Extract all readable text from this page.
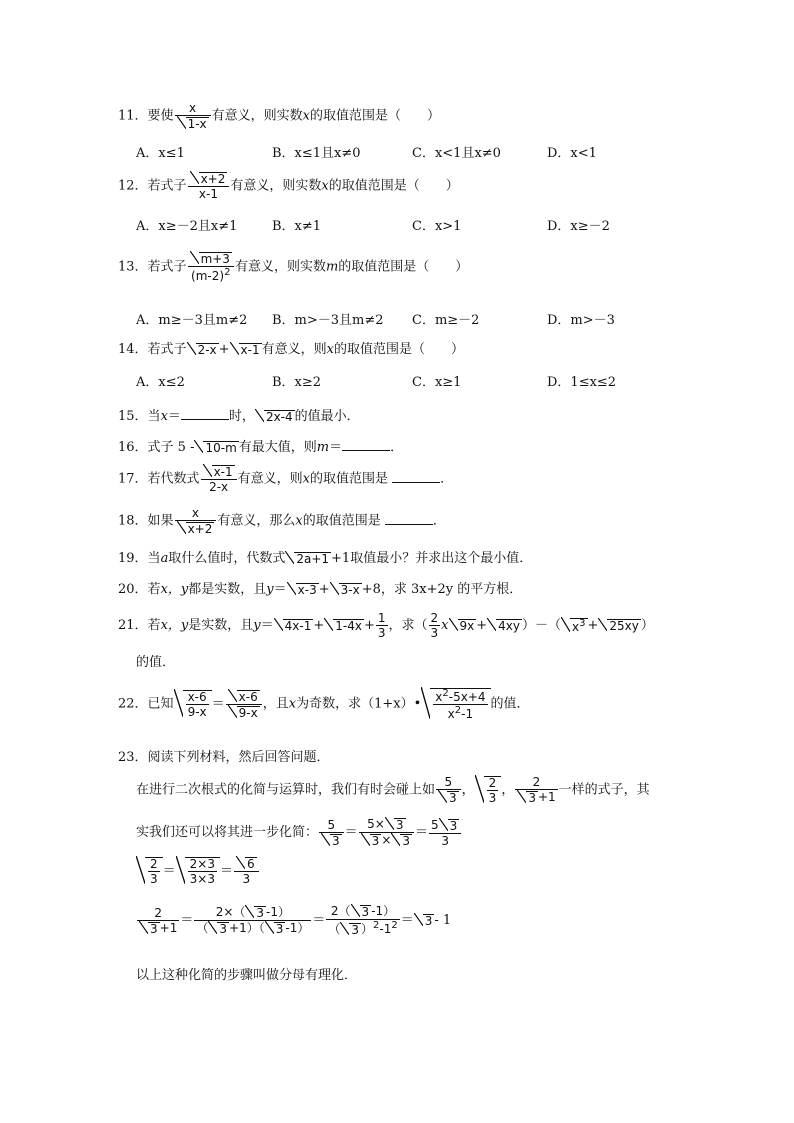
11．要使 $\frac{x}{1-x}$ 有意义，则实数x的取值范围是（　　）
A．x≤1	B．x≤1且x≠0	C．x<1且x≠0	D．x<1
12．若式子 $\frac{x+2}{x-1}$ 有意义，则实数x的取值范围是（　　）
A．x≥－2且x≠1	B．x≠1	C．x>1	D．x≥－2
13．若式子 $\frac{m+3}{(m-2)^2}$ 有意义，则实数m的取值范围是（　　）
A．m≥－3且m≠2 B．m>－3且m≠2 C．m≥－2	D．m>－3
14．若式子 2-x + x-1 有意义，则x的取值范围是（　　）
A．x≤2	B．x≥2	C．x≥1	D．1≤x≤2
15．当x＝	时， 2x-4 的值最小．
16．式子 5 - 10-m 有最大值，则m＝	．
17．若代数式 $\frac{x-1}{2-x}$ 有意义，则x的取值范围是	．
18．如果 $\frac{x}{x+2}$ 有意义，那么x的取值范围是	．
19．当a取什么值时，代数式 2a+1 +1取值最小？并求出这个最小值．
20．若x，y都是实数，且y＝ x-3 + 3-x +8，求 3x+2y 的平方根．
21．若x，y是实数，且$y= 4x-1 + 1-4x + \frac{1}{3}$ ，求（ $\frac{2}{3}$ x 9x + 4xy ）－（ $x^3 + 25xy$ ）
的值．
22．已知 $\frac{x-6}{9-x} = \frac{x-6}{9-x}$ ，且x为奇数，求（1+x）• $\frac{x^2-5x+4}{x^2-1}$ 的值．
23．阅读下列材料，然后回答问题．
在进行二次根式的化简与运算时，我们有时会碰上如 $\frac{5}{3}$ ， $\frac{2}{3}$ ， $\frac{2}{3 +1}$ 一样的式子，其
实我们还可以将其进一步化简： $\frac{5}{3} = \frac{5\times 3}{3 \times 3} = \frac{5 3}{3}$
$\frac{2}{3} = \frac{2\times 3}{3\times 3} = \frac{6}{3}$
$\frac{2}{3 +1} = \frac{2\times( 3 -1)}{( 3 +1)( 3 -1)} = \frac{2( 3 -1)}{( 3 )^2-1^2} = 3 - 1$
以上这种化简的步骤叫做分母有理化．
